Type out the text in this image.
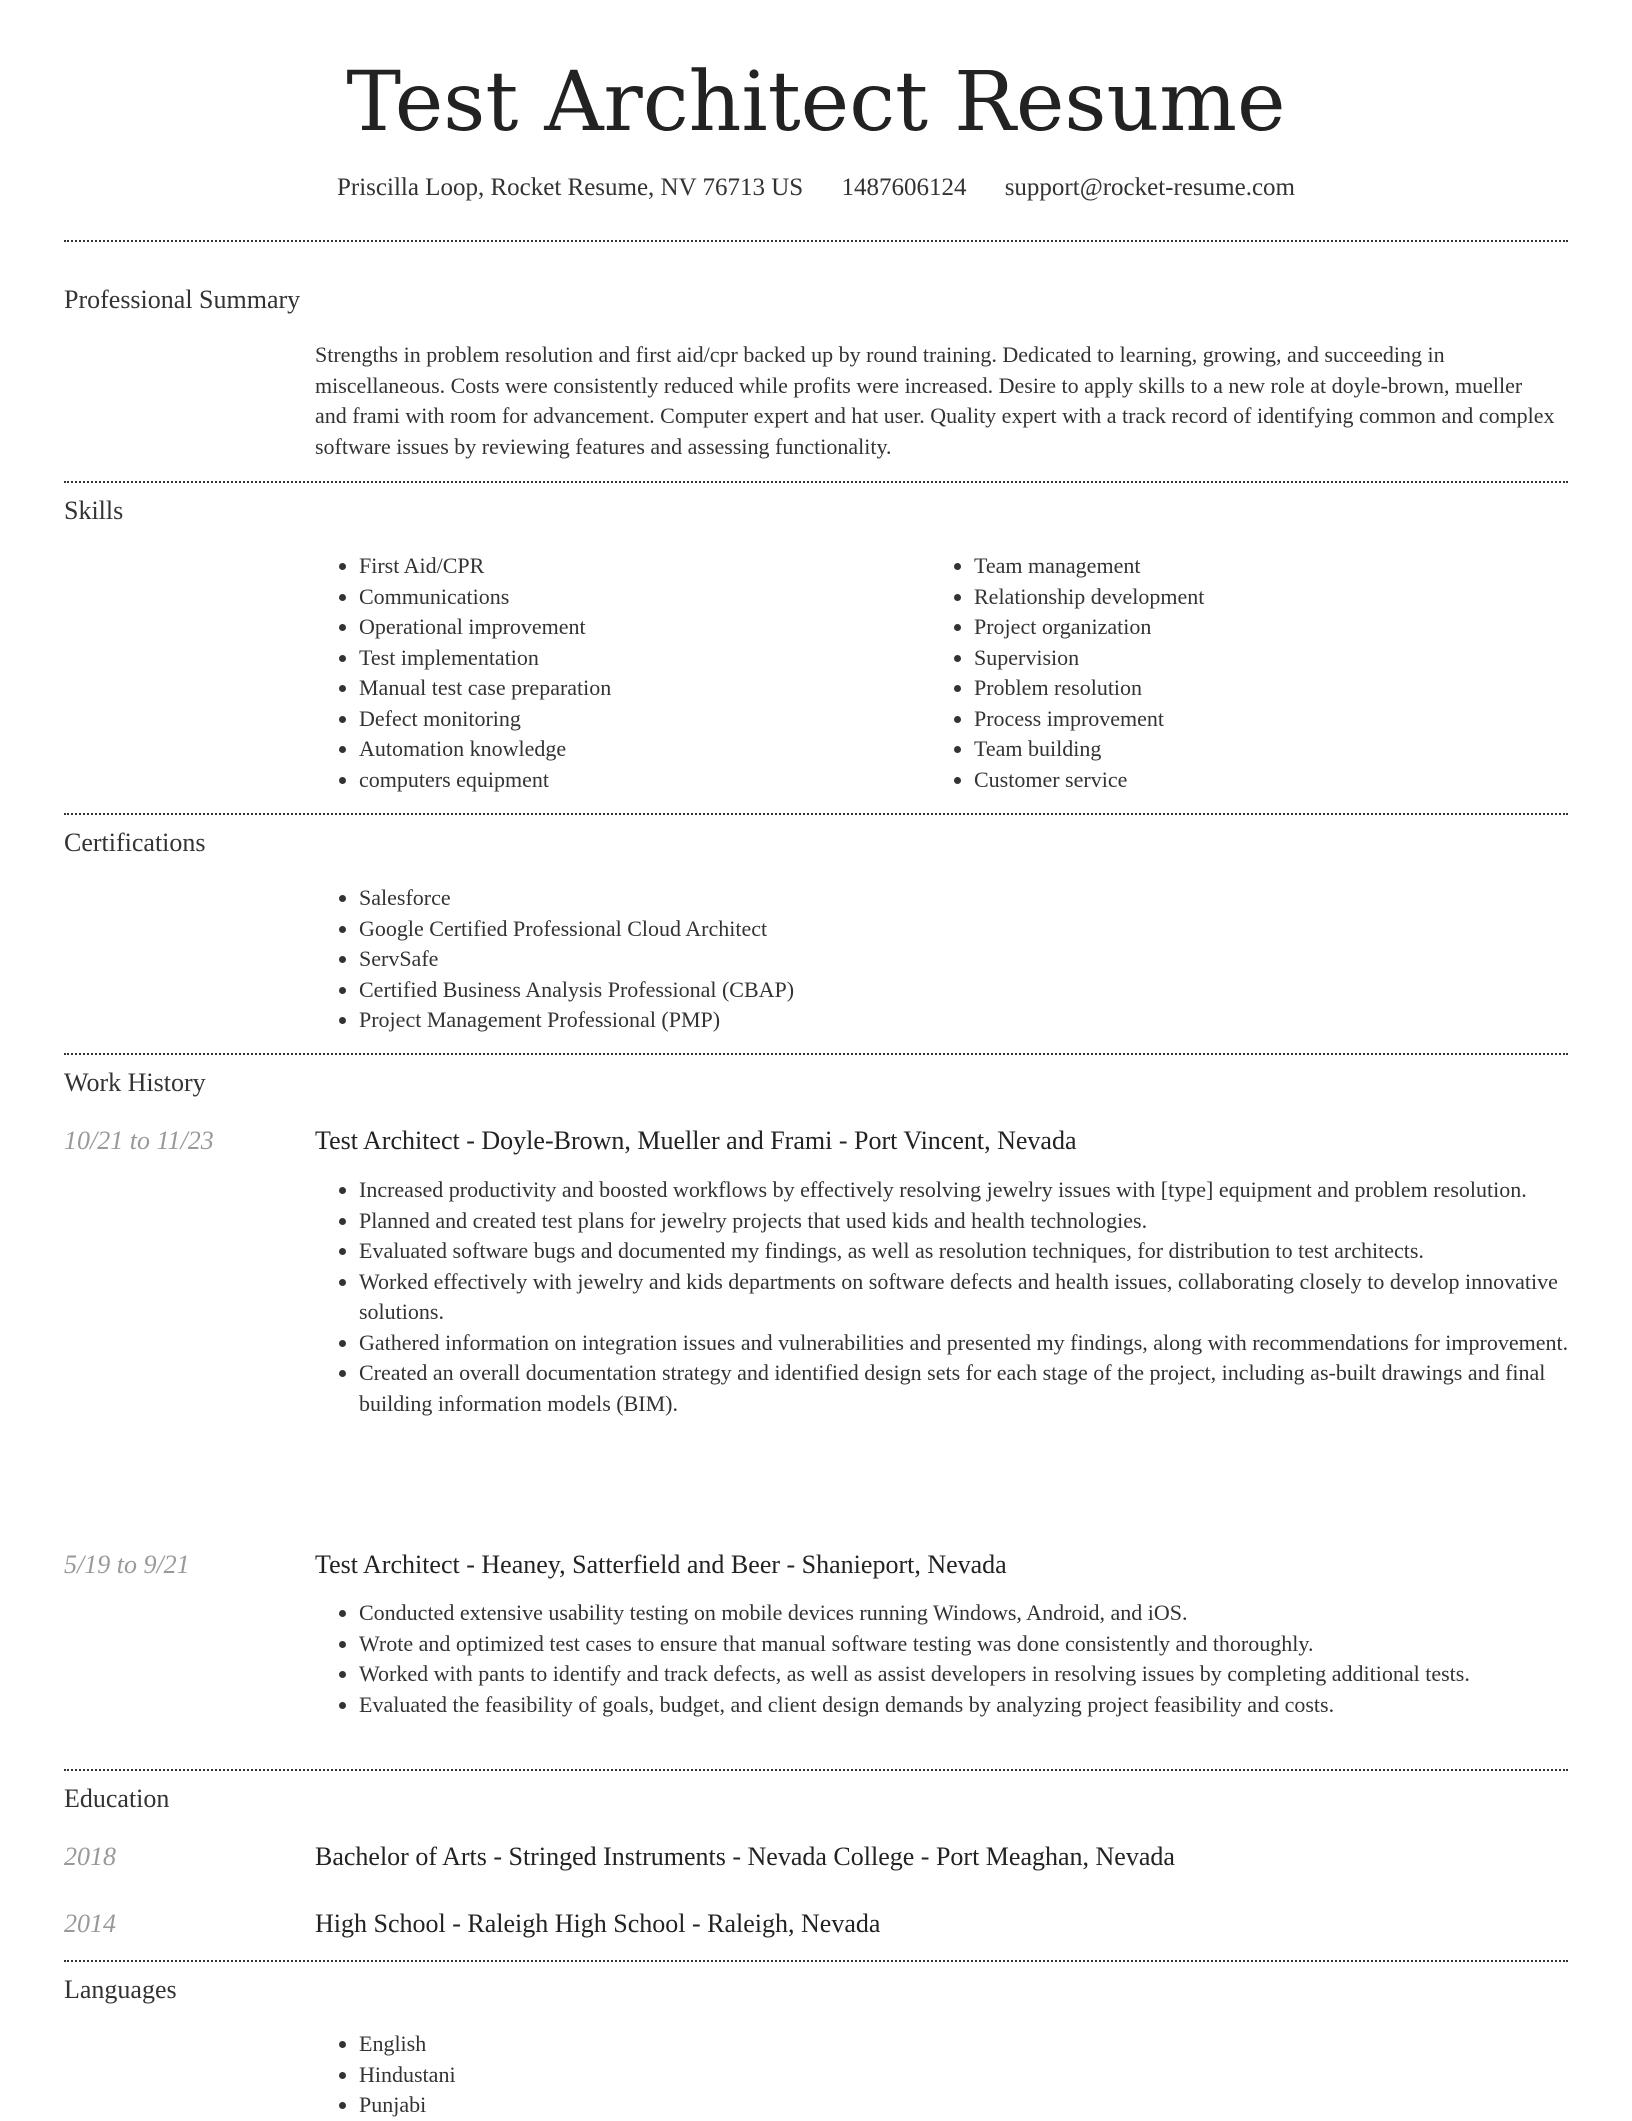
Test Architect Resume
Priscilla Loop, Rocket Resume, NV 76713 US 1487606124 support@rocket-resume.com
Professional Summary
Strengths in problem resolution and first aid/cpr backed up by round training. Dedicated to learning, growing, and succeeding in miscellaneous. Costs were consistently reduced while profits were increased. Desire to apply skills to a new role at doyle-brown, mueller and frami with room for advancement. Computer expert and hat user. Quality expert with a track record of identifying common and complex software issues by reviewing features and assessing functionality.
Skills
• First Aid/CPR
• Communications
• Operational improvement
• Test implementation
• Manual test case preparation
• Defect monitoring
• Automation knowledge
• computers equipment
• Team management
• Relationship development
• Project organization
• Supervision
• Problem resolution
• Process improvement
• Team building
• Customer service
Certifications
• Salesforce
• Google Certified Professional Cloud Architect
• ServSafe
• Certified Business Analysis Professional (CBAP)
• Project Management Professional (PMP)
Work History
10/21 to 11/23	Test Architect - Doyle-Brown, Mueller and Frami - Port Vincent, Nevada
• Increased productivity and boosted workflows by effectively resolving jewelry issues with [type] equipment and problem resolution.
• Planned and created test plans for jewelry projects that used kids and health technologies.
• Evaluated software bugs and documented my findings, as well as resolution techniques, for distribution to test architects.
• Worked effectively with jewelry and kids departments on software defects and health issues, collaborating closely to develop innovative solutions.
• Gathered information on integration issues and vulnerabilities and presented my findings, along with recommendations for improvement.
• Created an overall documentation strategy and identified design sets for each stage of the project, including as-built drawings and final building information models (BIM).
5/19 to 9/21	Test Architect - Heaney, Satterfield and Beer - Shanieport, Nevada
• Conducted extensive usability testing on mobile devices running Windows, Android, and iOS.
• Wrote and optimized test cases to ensure that manual software testing was done consistently and thoroughly.
• Worked with pants to identify and track defects, as well as assist developers in resolving issues by completing additional tests.
• Evaluated the feasibility of goals, budget, and client design demands by analyzing project feasibility and costs.
Education
2018	Bachelor of Arts - Stringed Instruments - Nevada College - Port Meaghan, Nevada
2014	High School - Raleigh High School - Raleigh, Nevada
Languages
• English
• Hindustani
• Punjabi
